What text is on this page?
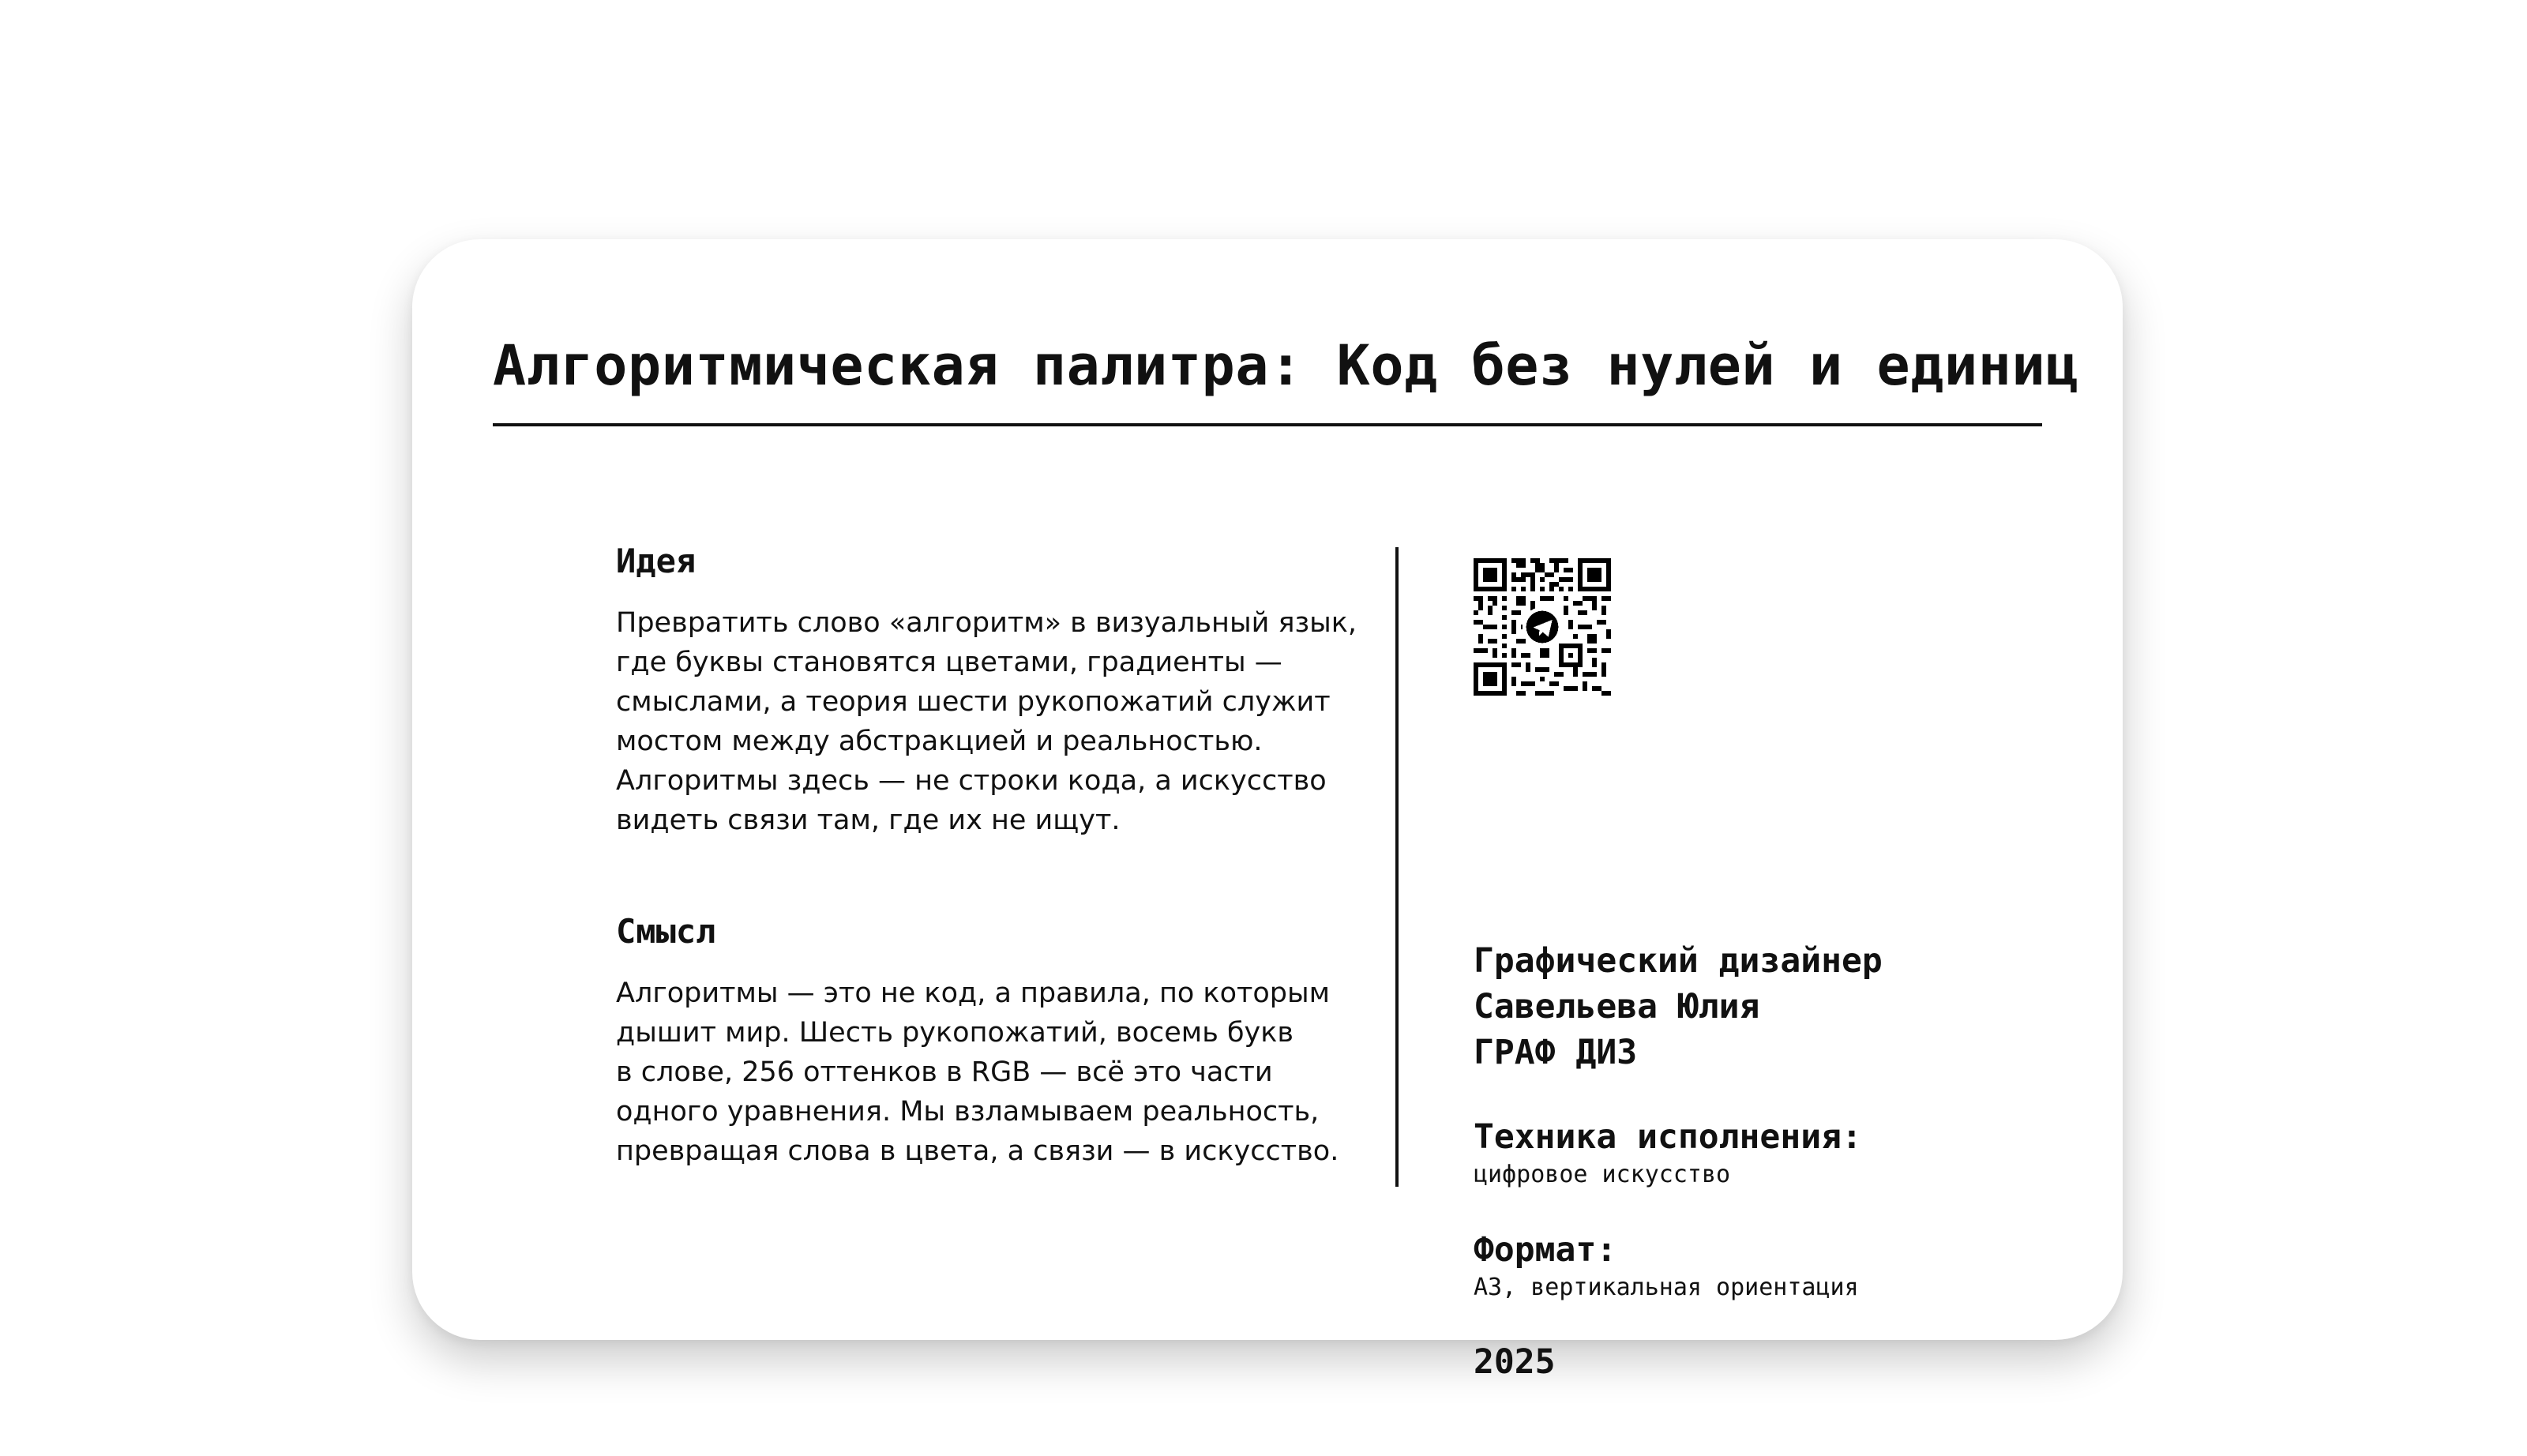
Алгоритмическая палитра: Код без нулей и единиц
Идея

Превратить слово «алгоритм» в визуальный язык,
где буквы становятся цветами, градиенты —
смыслами, а теория шести рукопожатий служит
мостом между абстракцией и реальностью.
Алгоритмы здесь — не строки кода, а искусство
видеть связи там, где их не ищут.

Смысл

Алгоритмы — это не код, а правила, по которым
дышит мир. Шесть рукопожатий, восемь букв
в слове, 256 оттенков в RGB — всё это части
одного уравнения. Мы взламываем реальность,
превращая слова в цвета, а связи — в искусство.

Графический дизайнер

Савельева Юлия

ГРАФ ДИЗ

Техника исполнения:

цифровое искусство

Формат:

А3, вертикальная ориентация

2025
